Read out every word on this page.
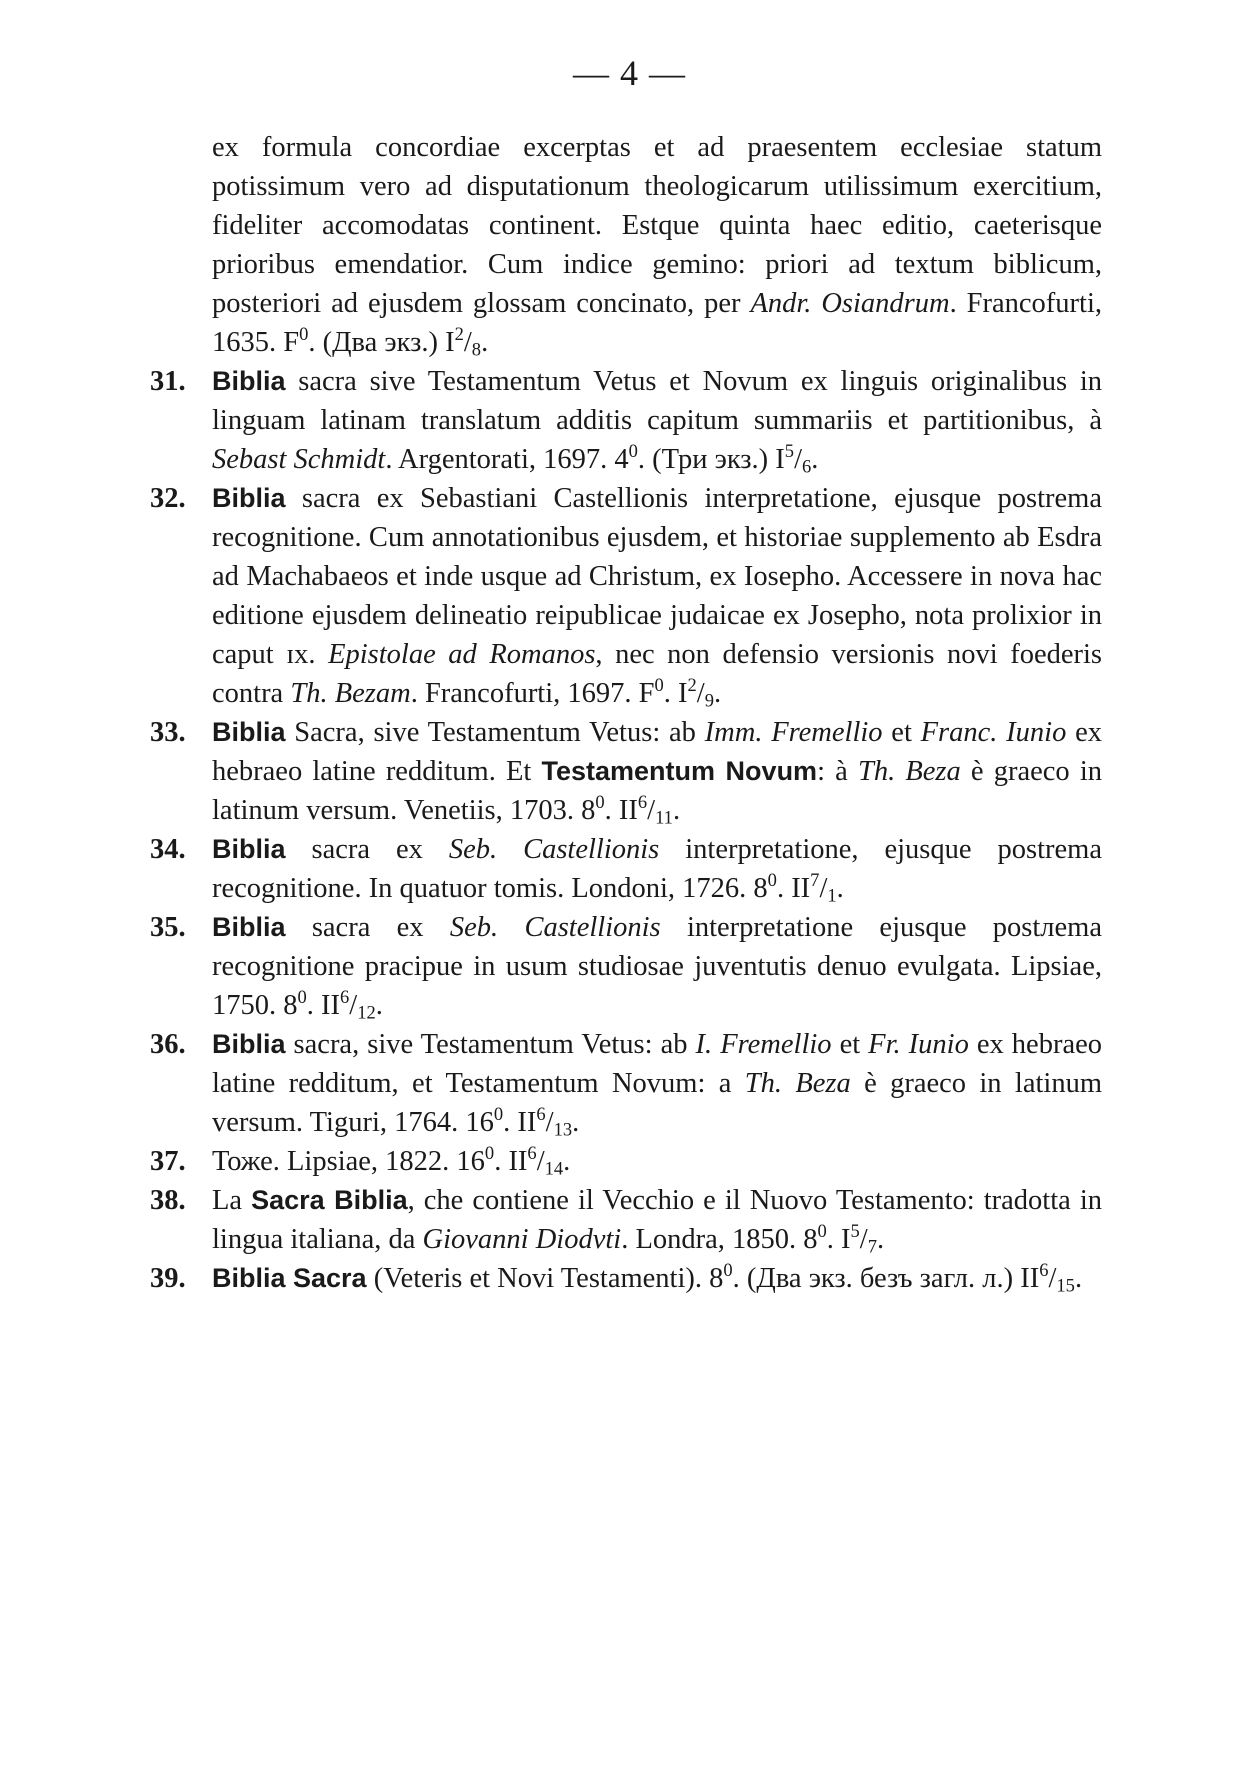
— 4 —
ex formula concordiae excerptas et ad praesentem ecclesiae statum potissimum vero ad disputationum theologicarum utilissimum exercitium, fideliter accomodatas continent. Estque quinta haec editio, caeterisque prioribus emendatior. Cum indice gemino: priori ad textum biblicum, posteriori ad ejusdem glossam concinato, per Andr. Osiandrum. Francofurti, 1635. $F^0$. (Два экз.) $I^2/_8$.
31. Biblia sacra sive Testamentum Vetus et Novum ex linguis originalibus in linguam latinam translatum additis capitum summariis et partitionibus, à Sebast Schmidt. Argentorati, 1697. $4^0$. (Три экз.) $I^5/_6$.
32. Biblia sacra ex Sebastiani Castellionis interpretatione, ejusque postrema recognitione. Cum annotationibus ejusdem, et historiae supplemento ab Esdra ad Machabaeos et inde usque ad Christum, ex Iosepho. Accessere in nova hac editione ejusdem delineatio reipublicae judaicae ex Josepho, nota prolixior in caput ɪx. Epistolae ad Romanos, nec non defensio versionis novi foederis contra Th. Bezam. Francofurti, 1697. $F^0$. $I^2/_9$.
33. Biblia Sacra, sive Testamentum Vetus: ab Imm. Fremellio et Franc. Iunio ex hebraeo latine redditum. Et Testamentum Novum: à Th. Beza è graeco in latinum versum. Venetiis, 1703. $8^0$. $II^6/_{11}$.
34. Biblia sacra ex Seb. Castellionis interpretatione, ejusque postrema recognitione. In quatuor tomis. Londoni, 1726. $8^0$. $II^7/_1$.
35. Biblia sacra ex Seb. Castellionis interpretatione ejusque postлema recognitione pracipue in usum studiosae juventutis denuo evulgata. Lipsiae, 1750. $8^0$. $II^6/_{12}$.
36. Biblia sacra, sive Testamentum Vetus: ab I. Fremellio et Fr. Iunio ex hebraeo latine redditum, et Testamentum Novum: a Th. Beza è graeco in latinum versum. Tiguri, 1764. $16^0$. $II^6/_{13}$.
37. Тоже. Lipsiae, 1822. $16^0$. $II^6/_{14}$.
38. La Sacra Biblia, che contiene il Vecchio e il Nuovo Testamento: tradotta in lingua italiana, da Giovanni Diodvti. Londra, 1850. $8^0$. $I^5/_7$.
39. Biblia Sacra (Veteris et Novi Testamenti). $8^0$. (Два экз. безъ загл. л.) $II^6/_{15}$.
